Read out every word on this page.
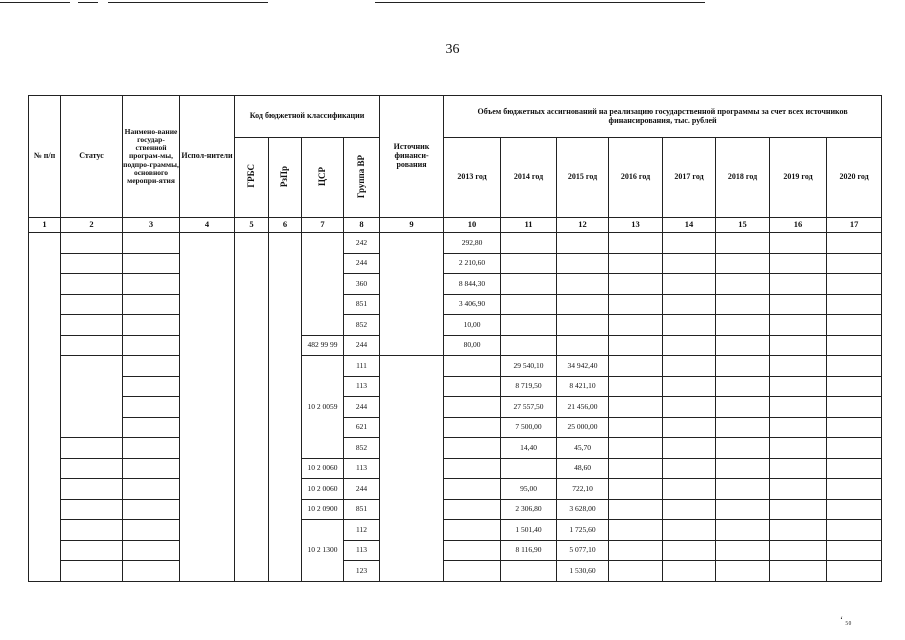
36
№ п/п	Статус	Наимено-вание государ-ственной програм-мы, подпро-граммы, основного меропри-ятия	Испол-нители	Код бюджетной классификации				Источник финанси-рования	Объем бюджетных ассигнований на реализацию государственной программы за счет всех источников финансирования, тыс. рублей							
				ГРБС	РзПр	ЦСР	Группа ВР		2013 год	2014 год	2015 год	2016 год	2017 год	2018 год	2019 год	2020 год
1	2	3	4	5	6	7	8	9	10	11	12	13	14	15	16	17
							242		292,80							
							244		2 210,60							
							360		8 844,30							
							851		3 406,90							
							852		10,00							
						482 99 99	244		80,00							
						10 2 0059	111			29 540,10	34 942,40					
							113			8 719,50	8 421,10					
							244			27 557,50	21 456,00					
							621			7 500,00	25 000,00					
							852			14,40	45,70					
						10 2 0060	113				48,60					
						10 2 0060	244			95,00	722,10					
						10 2 0900	851			2 306,80	3 628,00					
						10 2 1300	112			1 501,40	1 725,60					
							113			8 116,90	5 077,10					
							123				1 530,60					
ʻ ₅₀
